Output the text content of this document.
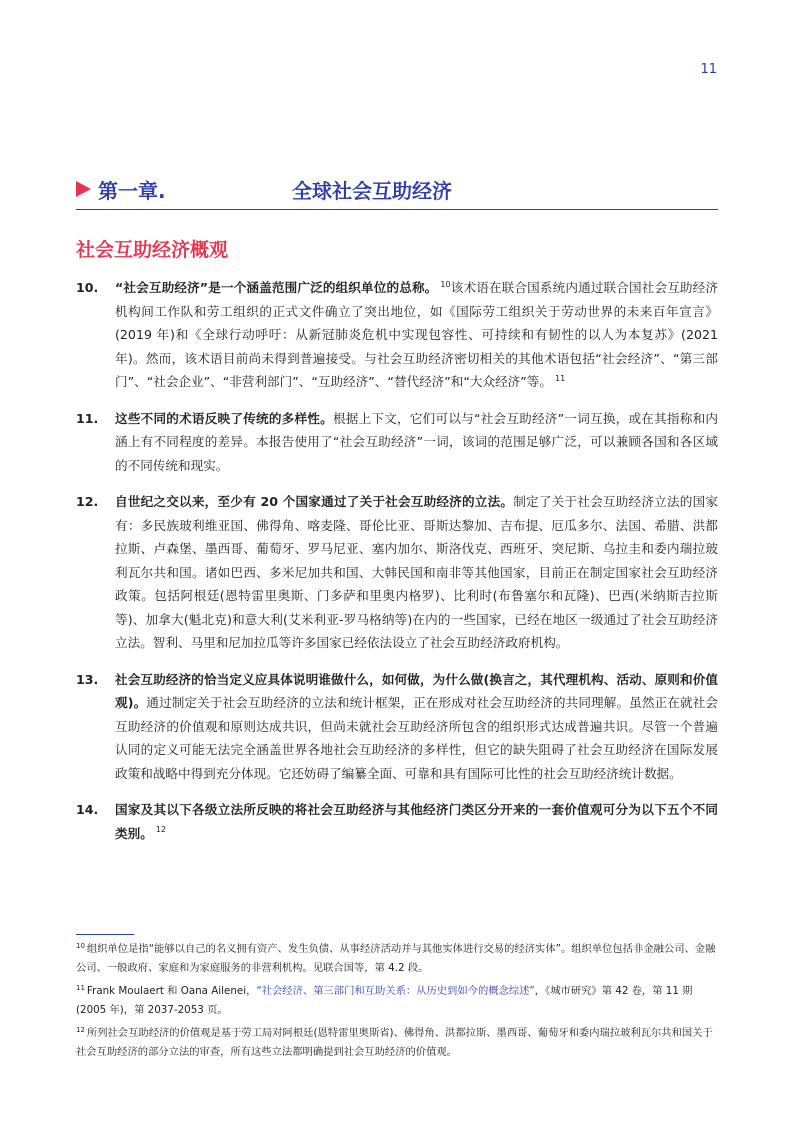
11
第一章.	全球社会互助经济
社会互助经济概观

10. “社会互助经济”是一个涵盖范围广泛的组织单位的总称。 $^{10}$该术语在联合国系统内通过联合国社会互助经济机构间工作队和劳工组织的正式文件确立了突出地位，如《国际劳工组织关于劳动世界的未来百年宣言》(2019 年)和《全球行动呼吁：从新冠肺炎危机中实现包容性、可持续和有韧性的以人为本复苏》(2021 年)。然而，该术语目前尚未得到普遍接受。与社会互助经济密切相关的其他术语包括“社会经济”、“第三部门”、“社会企业”、“非营利部门”、“互助经济”、“替代经济”和“大众经济”等。 $^{11}$

11. 这些不同的术语反映了传统的多样性。根据上下文，它们可以与“社会互助经济”一词互换，或在其指称和内涵上有不同程度的差异。本报告使用了“社会互助经济”一词，该词的范围足够广泛，可以兼顾各国和各区域的不同传统和现实。

12. 自世纪之交以来，至少有 20 个国家通过了关于社会互助经济的立法。制定了关于社会互助经济立法的国家有：多民族玻利维亚国、佛得角、喀麦隆、哥伦比亚、哥斯达黎加、吉布提、厄瓜多尔、法国、希腊、洪都拉斯、卢森堡、墨西哥、葡萄牙、罗马尼亚、塞内加尔、斯洛伐克、西班牙、突尼斯、乌拉圭和委内瑞拉玻利瓦尔共和国。诸如巴西、多米尼加共和国、大韩民国和南非等其他国家，目前正在制定国家社会互助经济政策。包括阿根廷(恩特雷里奥斯、门多萨和里奥内格罗)、比利时(布鲁塞尔和瓦隆)、巴西(米纳斯吉拉斯等)、加拿大(魁北克)和意大利(艾米利亚-罗马格纳等)在内的一些国家，已经在地区一级通过了社会互助经济立法。智利、马里和尼加拉瓜等许多国家已经依法设立了社会互助经济政府机构。

13. 社会互助经济的恰当定义应具体说明谁做什么，如何做，为什么做(换言之，其代理机构、活动、原则和价值观)。通过制定关于社会互助经济的立法和统计框架，正在形成对社会互助经济的共同理解。虽然正在就社会互助经济的价值观和原则达成共识，但尚未就社会互助经济所包含的组织形式达成普遍共识。尽管一个普遍认同的定义可能无法完全涵盖世界各地社会互助经济的多样性，但它的缺失阻碍了社会互助经济在国际发展政策和战略中得到充分体现。它还妨碍了编纂全面、可靠和具有国际可比性的社会互助经济统计数据。

14. 国家及其以下各级立法所反映的将社会互助经济与其他经济门类区分开来的一套价值观可分为以下五个不同类别。 $^{12}$

$^{10}$ 组织单位是指“能够以自己的名义拥有资产、发生负债、从事经济活动并与其他实体进行交易的经济实体”。组织单位包括非金融公司、金融公司、一般政府、家庭和为家庭服务的非营利机构。见联合国等，第 4.2 段。

$^{11}$ Frank Moulaert 和 Oana Ailenei，“社会经济、第三部门和互助关系：从历史到如今的概念综述”，《城市研究》第 42 卷，第 11 期(2005 年)，第 2037-2053 页。

$^{12}$ 所列社会互助经济的价值观是基于劳工局对阿根廷(恩特雷里奥斯省)、佛得角、洪都拉斯、墨西哥、葡萄牙和委内瑞拉玻利瓦尔共和国关于社会互助经济的部分立法的审查，所有这些立法都明确提到社会互助经济的价值观。
